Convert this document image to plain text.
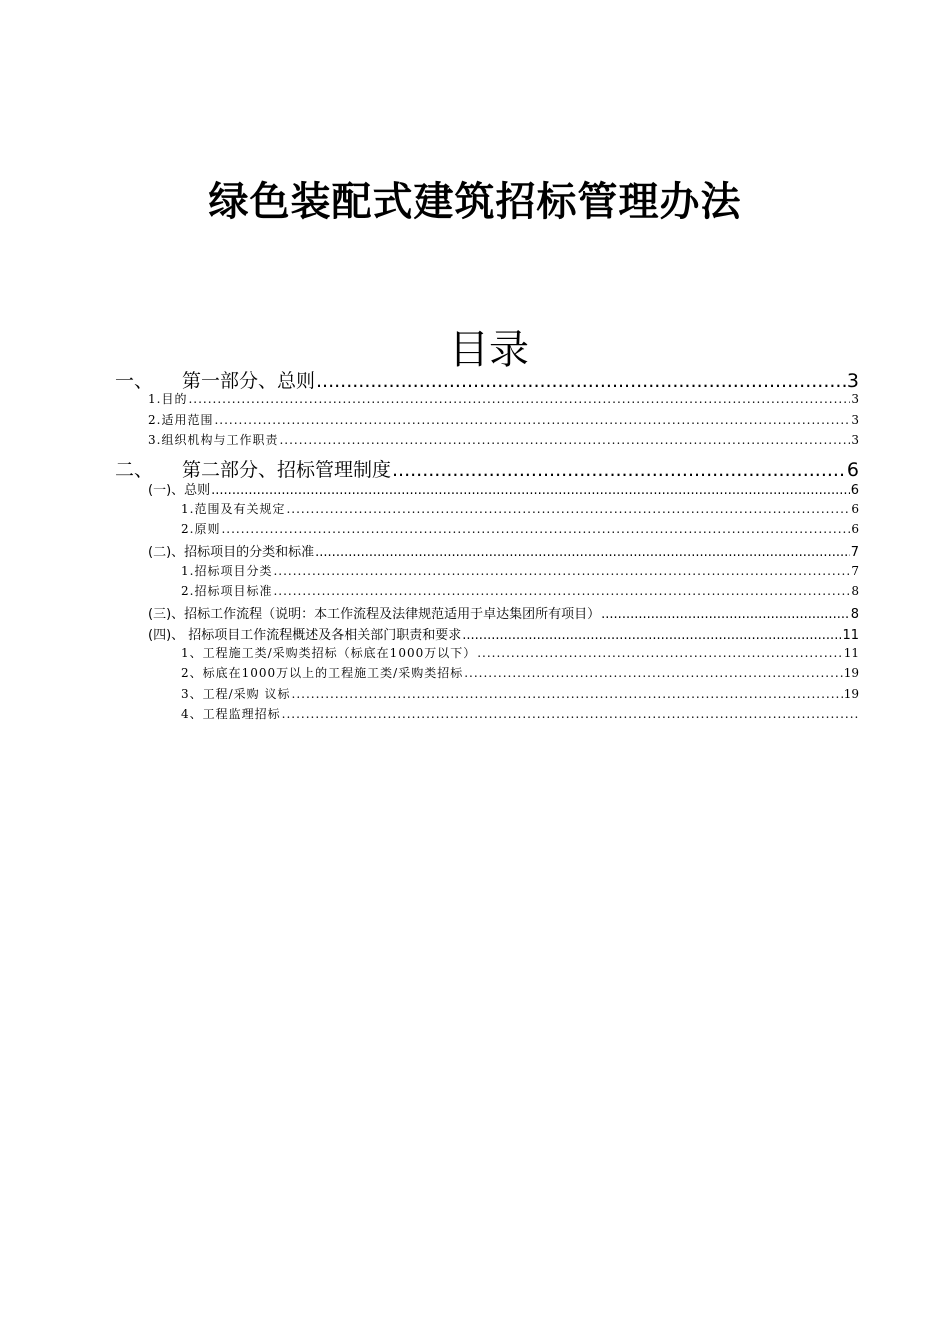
绿色装配式建筑招标管理办法
目录
一、 第一部分、总则 .....	3
1.目的 .....	3
2.适用范围 .....	3
3.组织机构与工作职责 .....	3
二、 第二部分、招标管理制度 .....	6
(一)、总则 .....	6
1.范围及有关规定 .....	6
2.原则 .....	6
(二)、招标项目的分类和标准 .....	7
1.招标项目分类 .....	7
2.招标项目标准 .....	8
(三)、招标工作流程（说明：本工作流程及法律规范适用于卓达集团所有项目） .....	8
(四)、 招标项目工作流程概述及各相关部门职责和要求 .....	11
1、工程施工类/采购类招标（标底在1000万以下） .....	11
2、标底在1000万以上的工程施工类/采购类招标 .....	19
3、工程/采购 议标 .....	19
4、工程监理招标
.....
